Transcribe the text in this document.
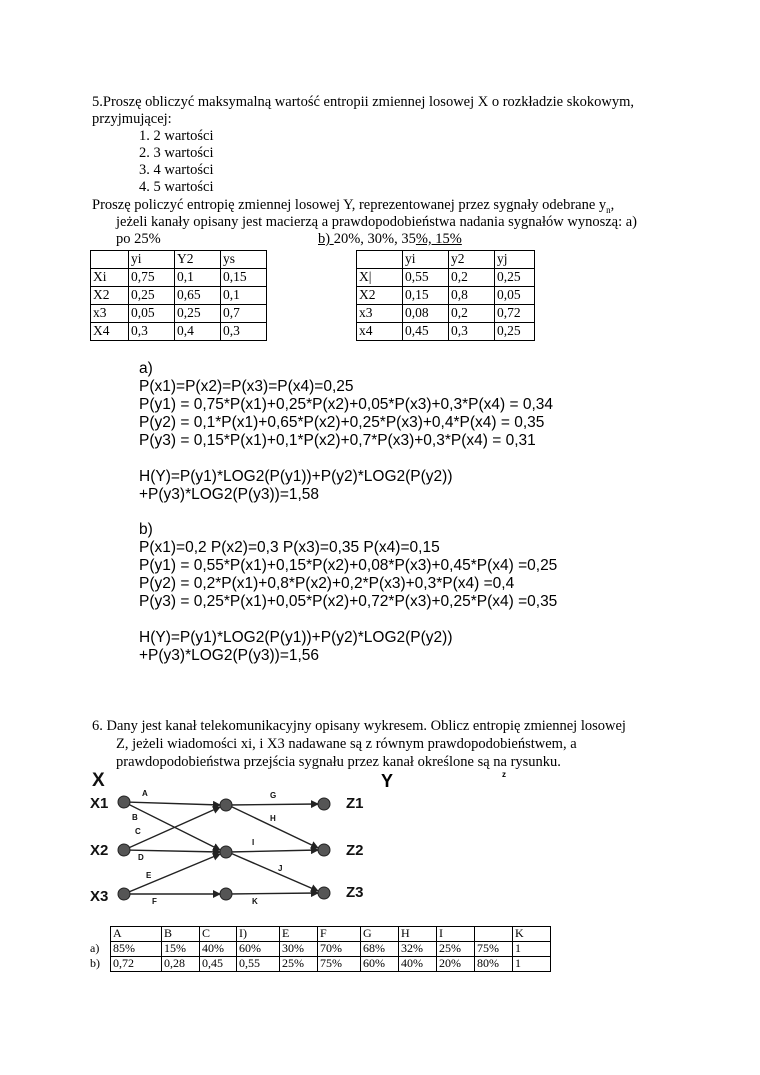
5.Proszę obliczyć maksymalną wartość entropii zmiennej losowej X o rozkładzie skokowym,
przyjmującej:
1. 2 wartości
2. 3 wartości
3. 4 wartości
4. 5 wartości
Proszę policzyć entropię zmiennej losowej Y, reprezentowanej przez sygnały odebrane $y_n$,
jeżeli kanały opisany jest macierzą a prawdopodobieństwa nadania sygnałów wynoszą: a)
po 25%	b) 20%, 30%, 35%, 15%
	yi	Y2	ys
Xi	0,75	0,1	0,15
X2	0,25	0,65	0,1
x3	0,05	0,25	0,7
X4	0,3	0,4	0,3
	yi	y2	yj
X|	0,55	0,2	0,25
X2	0,15	0,8	0,05
x3	0,08	0,2	0,72
x4	0,45	0,3	0,25
a)
P(x1)=P(x2)=P(x3)=P(x4)=0,25
P(y1) = 0,75*P(x1)+0,25*P(x2)+0,05*P(x3)+0,3*P(x4) = 0,34
P(y2) = 0,1*P(x1)+0,65*P(x2)+0,25*P(x3)+0,4*P(x4) = 0,35
P(y3) = 0,15*P(x1)+0,1*P(x2)+0,7*P(x3)+0,3*P(x4) = 0,31
H(Y)=P(y1)*LOG2(P(y1))+P(y2)*LOG2(P(y2))
+P(y3)*LOG2(P(y3))=1,58
b)
P(x1)=0,2 P(x2)=0,3 P(x3)=0,35 P(x4)=0,15
P(y1) = 0,55*P(x1)+0,15*P(x2)+0,08*P(x3)+0,45*P(x4) =0,25
P(y2) = 0,2*P(x1)+0,8*P(x2)+0,2*P(x3)+0,3*P(x4) =0,4
P(y3) = 0,25*P(x1)+0,05*P(x2)+0,72*P(x3)+0,25*P(x4) =0,35
H(Y)=P(y1)*LOG2(P(y1))+P(y2)*LOG2(P(y2))
+P(y3)*LOG2(P(y3))=1,56
6. Dany jest kanał telekomunikacyjny opisany wykresem. Oblicz entropię zmiennej losowej
Z, jeżeli wiadomości xi, i X3 nadawane są z równym prawdopodobieństwem, a
prawdopodobieństwa przejścia sygnału przez kanał określone są na rysunku.
X
X1
X2
X3
A
B
C
D
E
F
G
H
I
J
K
Z1
Z2
Z3
Y	z
	A	B	C	I)	E	F	G	H	I		K
a)	85%	15%	40%	60%	30%	70%	68%	32%	25%	75%	1
b)	0,72	0,28	0,45	0,55	25%	75%	60%	40%	20%	80%	1
